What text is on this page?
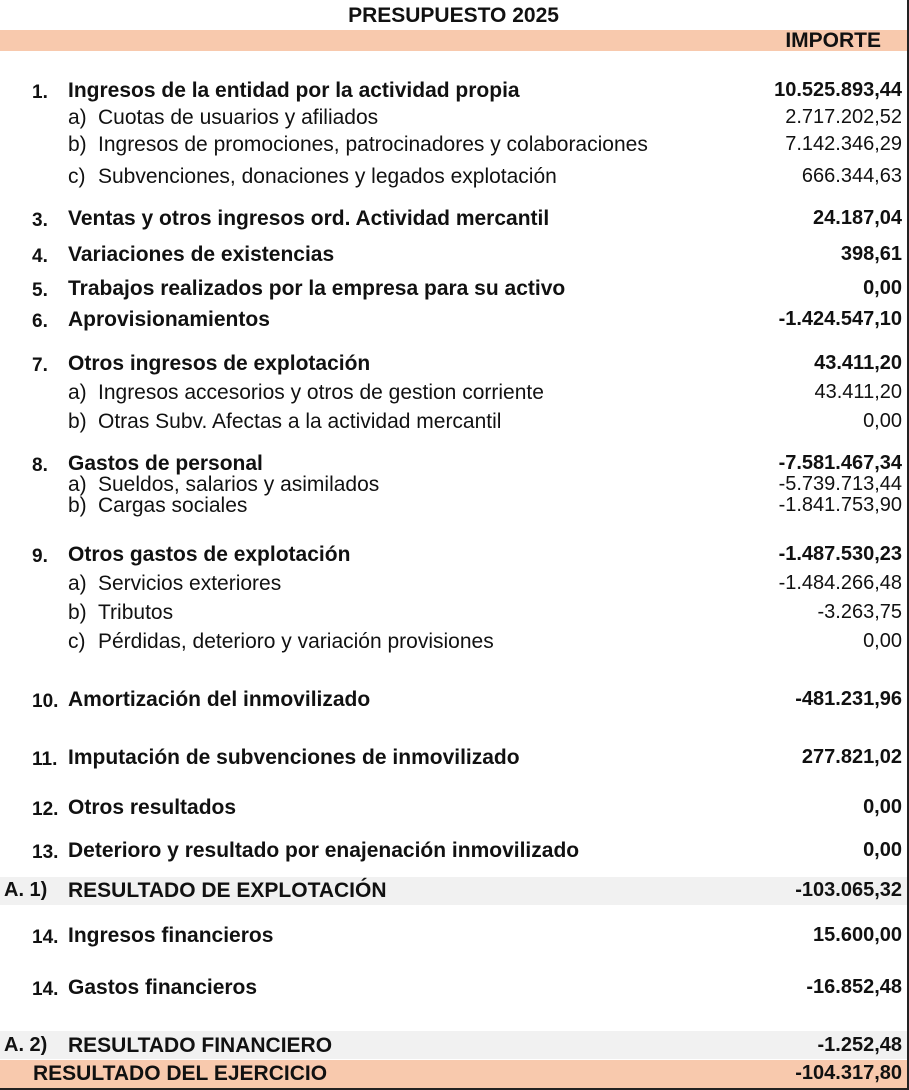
PRESUPUESTO 2025
IMPORTE
1. Ingresos de la entidad por la actividad propia	10.525.893,44
a) Cuotas de usuarios y afiliados	2.717.202,52
b) Ingresos de promociones, patrocinadores y colaboraciones	7.142.346,29
c) Subvenciones, donaciones y legados explotación	666.344,63
3. Ventas y otros ingresos ord. Actividad mercantil	24.187,04
4. Variaciones de existencias	398,61
5. Trabajos realizados por la empresa para su activo	0,00
6. Aprovisionamientos	-1.424.547,10
7. Otros ingresos de explotación	43.411,20
a) Ingresos accesorios y otros de gestion corriente	43.411,20
b) Otras Subv. Afectas a la actividad mercantil	0,00
8. Gastos de personal	-7.581.467,34
a) Sueldos, salarios y asimilados	-5.739.713,44
b) Cargas sociales	-1.841.753,90
9. Otros gastos de explotación	-1.487.530,23
a) Servicios exteriores	-1.484.266,48
b) Tributos	-3.263,75
c) Pérdidas, deterioro y variación provisiones	0,00
10. Amortización del inmovilizado	-481.231,96
11. Imputación de subvenciones de inmovilizado	277.821,02
12. Otros resultados	0,00
13. Deterioro y resultado por enajenación inmovilizado	0,00
A. 1) RESULTADO DE EXPLOTACIÓN	-103.065,32
14. Ingresos financieros	15.600,00
14. Gastos financieros	-16.852,48
A. 2) RESULTADO FINANCIERO	-1.252,48
RESULTADO DEL EJERCICIO	-104.317,80
